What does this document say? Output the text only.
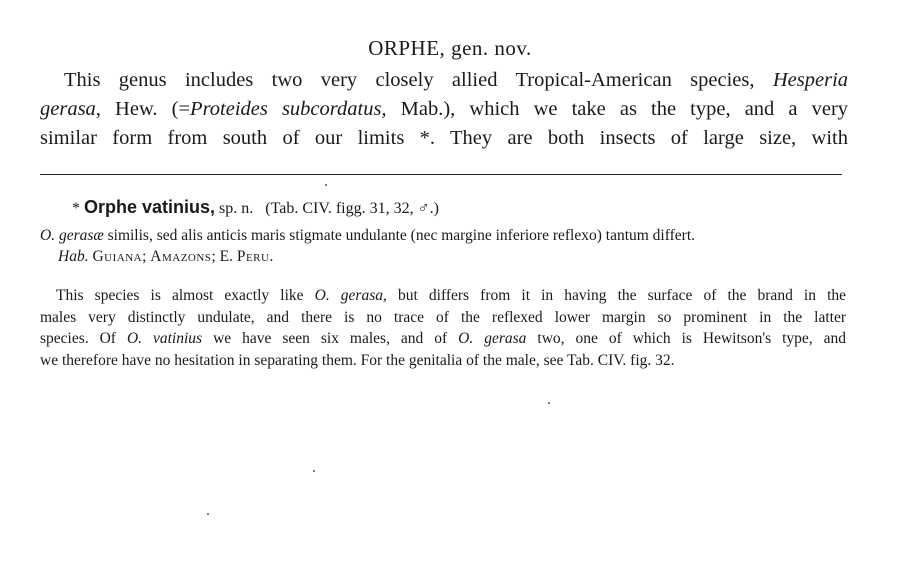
ORPHE, gen. nov.
This genus includes two very closely allied Tropical-American species, Hesperia
gerasa, Hew. (=Proteides subcordatus, Mab.), which we take as the type, and a very
similar form from south of our limits *. They are both insects of large size, with
* Orphe vatinius, sp. n. (Tab. CIV. figg. 31, 32, ♂.)
O. gerasæ similis, sed alis anticis maris stigmate undulante (nec margine inferiore reflexo) tantum differt.
Hab. Guiana; Amazons; E. Peru.
This species is almost exactly like O. gerasa, but differs from it in having the surface of the brand in the
males very distinctly undulate, and there is no trace of the reflexed lower margin so prominent in the latter
species. Of O. vatinius we have seen six males, and of O. gerasa two, one of which is Hewitson's type, and
we therefore have no hesitation in separating them. For the genitalia of the male, see Tab. CIV. fig. 32.
